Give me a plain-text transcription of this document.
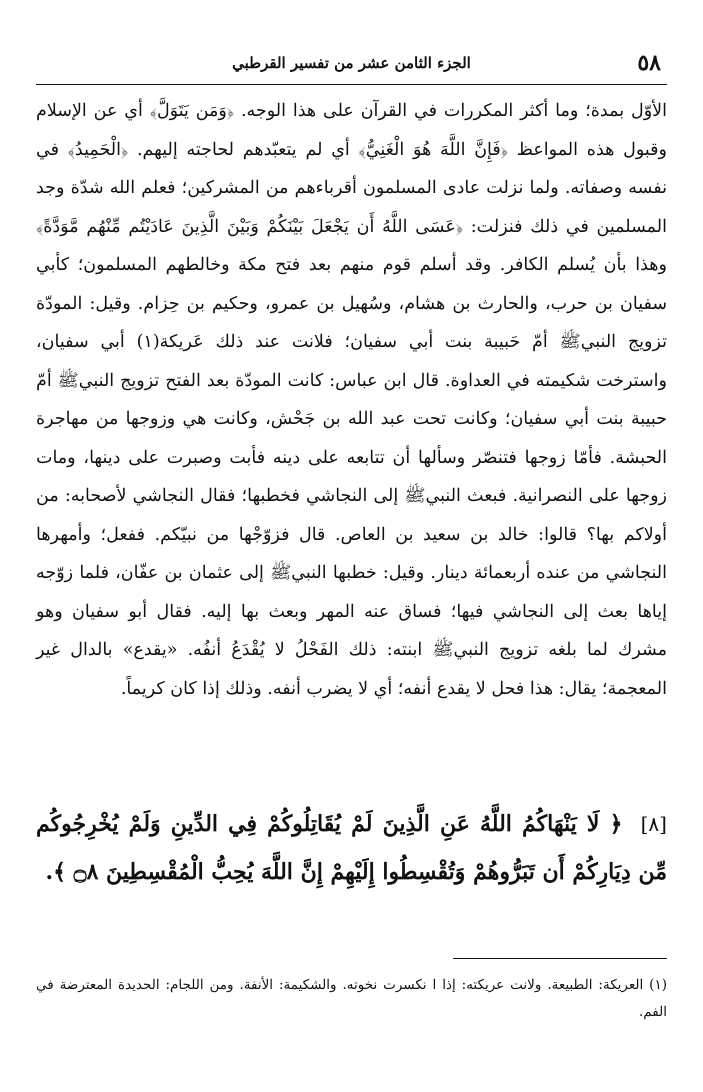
٥٨
الجزء الثامن عشر من تفسير القرطبي

الأوّل بمدة؛ وما أكثر المكررات في القرآن على هذا الوجه. ﴿وَمَن يَتَوَلَّ﴾ أي عن الإسلام وقبول هذه المواعظ ﴿فَإِنَّ اللَّهَ هُوَ الْغَنِيُّ﴾ أي لم يتعبّدهم لحاجته إليهم. ﴿الْحَمِيدُ﴾ في نفسه وصفاته. ولما نزلت عادى المسلمون أقرباءهم من المشركين؛ فعلم الله شدّة وجد المسلمين في ذلك فنزلت: ﴿عَسَى اللَّهُ أَن يَجْعَلَ بَيْنَكُمْ وَبَيْنَ الَّذِينَ عَادَيْتُم مِّنْهُم مَّوَدَّةً﴾ وهذا بأن يُسلم الكافر. وقد أسلم قوم منهم بعد فتح مكة وخالطهم المسلمون؛ كأبي سفيان بن حرب، والحارث بن هشام، وسُهيل بن عمرو، وحكيم بن حِزام. وقيل: المودّة تزويج النبيﷺ أمّ حَبيبة بنت أبي سفيان؛ فلانت عند ذلك عَريكة(١) أبي سفيان، واسترخت شكيمته في العداوة. قال ابن عباس: كانت المودّة بعد الفتح تزويج النبيﷺ أمّ حبيبة بنت أبي سفيان؛ وكانت تحت عبد الله بن جَحْش، وكانت هي وزوجها من مهاجرة الحبشة. فأمّا زوجها فتنصّر وسألها أن تتابعه على دينه فأبت وصبرت على دينها، ومات زوجها على النصرانية. فبعث النبيﷺ إلى النجاشي فخطبها؛ فقال النجاشي لأصحابه: من أولاكم بها؟ قالوا: خالد بن سعيد بن العاص. قال فزوّجْها من نبيّكم. ففعل؛ وأمهرها النجاشي من عنده أربعمائة دينار. وقيل: خطبها النبيﷺ إلى عثمان بن عفّان، فلما زوّجه إياها بعث إلى النجاشي فيها؛ فساق عنه المهر وبعث بها إليه. فقال أبو سفيان وهو مشرك لما بلغه تزويج النبيﷺ ابنته: ذلك الفَحْلُ لا يُقْدَعُ أنفُه. «يقدع» بالدال غير المعجمة؛ يقال: هذا فحل لا يقدع أنفه؛ أي لا يضرب أنفه. وذلك إذا كان كريماً.

[٨] ﴿ لَا يَنْهَاكُمُ اللَّهُ عَنِ الَّذِينَ لَمْ يُقَاتِلُوكُمْ فِي الدِّينِ وَلَمْ يُخْرِجُوكُم مِّن دِيَارِكُمْ أَن تَبَرُّوهُمْ وَتُقْسِطُوا إِلَيْهِمْ إِنَّ اللَّهَ يُحِبُّ الْمُقْسِطِينَ ۝٨ ﴾.
(١) العريكة: الطبيعة. ولانت عريكته: إذا ا نكسرت نخوته. والشكيمة: الأنفة. ومن اللجام: الحديدة المعترضة في الفم.
